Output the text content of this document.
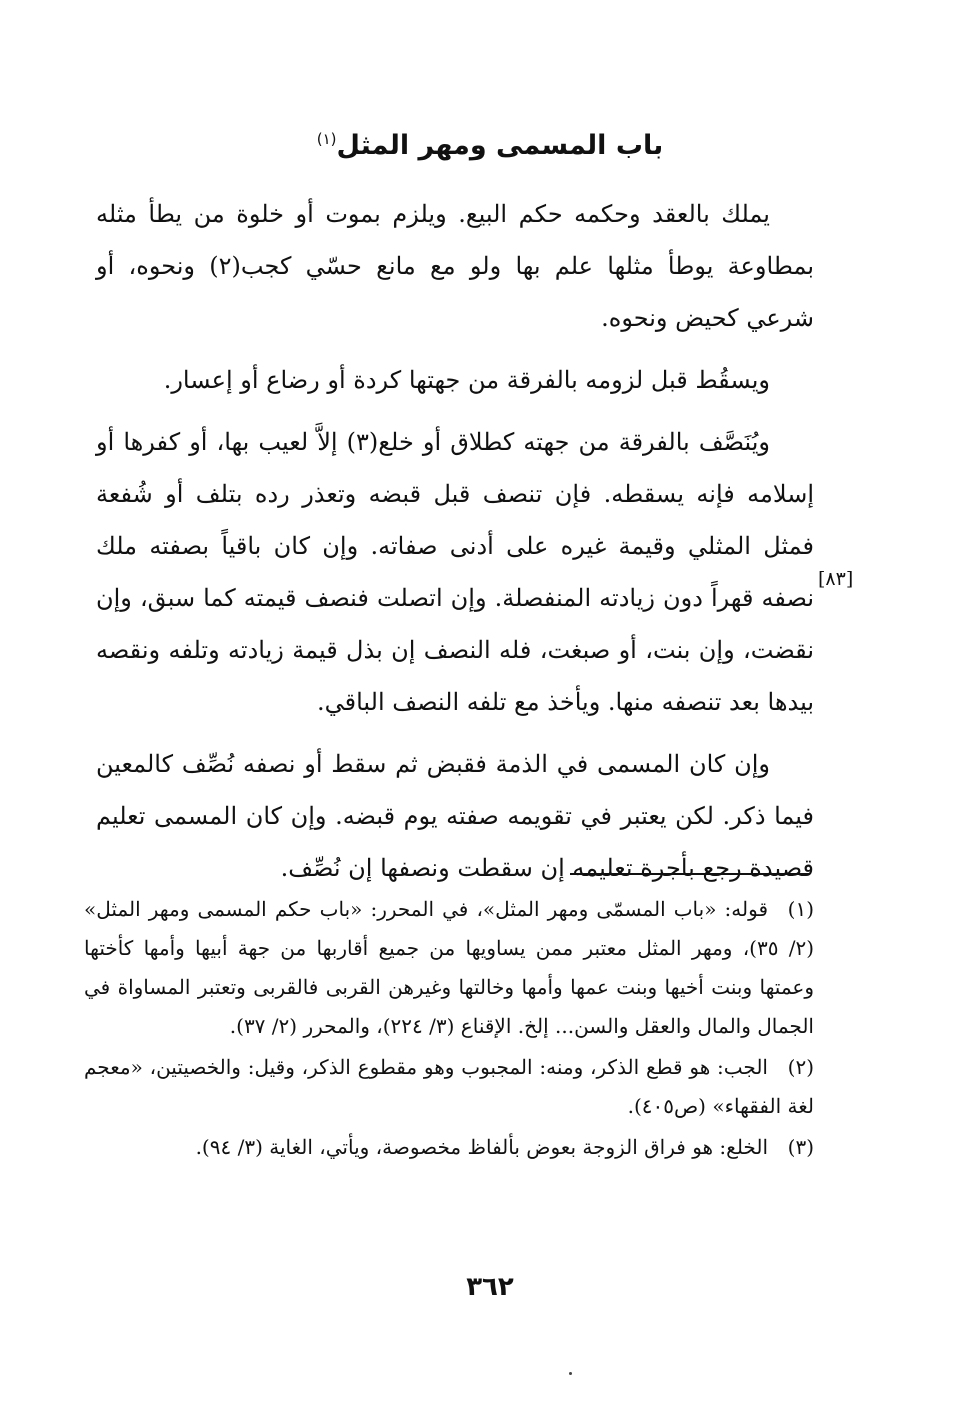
باب المسمى ومهر المثل$^{(١)}$

يملك بالعقد وحكمه حكم البيع. ويلزم بموت أو خلوة من يطأ مثله بمطاوعة يوطأ مثلها علم بها ولو مع مانع حسّي كجب(٢) ونحوه، أو شرعي كحيض ونحوه.

ويسقُط قبل لزومه بالفرقة من جهتها كردة أو رضاع أو إعسار.

ويُنَصَّف بالفرقة من جهته كطلاق أو خلع(٣) إلاَّ لعيب بها، أو كفرها أو إسلامه فإنه يسقطه. فإن تنصف قبل قبضه وتعذر رده بتلف أو شُفعة فمثل المثلي وقيمة غيره على أدنى صفاته. وإن كان باقياً بصفته ملك نصفه قهراً دون زيادته المنفصلة. وإن اتصلت فنصف قيمته كما سبق، وإن نقضت، وإن بنت، أو صبغت، فله النصف إن بذل قيمة زيادته وتلفه ونقصه بيدها بعد تنصفه منها. ويأخذ مع تلفه النصف الباقي.

وإن كان المسمى في الذمة فقبض ثم سقط أو نصفه نُصِّف كالمعين فيما ذكر. لكن يعتبر في تقويمه صفته يوم قبضه. وإن كان المسمى تعليم قصيدة رجع بأجرة تعليمه إن سقطت ونصفها إن نُصِّف.

[٨٣]

(١)قوله: «باب المسمّى ومهر المثل»، في المحرر: «باب حكم المسمى ومهر المثل» (٢/ ٣٥)، ومهر المثل معتبر ممن يساويها من جميع أقاربها من جهة أبيها وأمها كأختها وعمتها وبنت أخيها وبنت عمها وأمها وخالتها وغيرهن القربى فالقربى وتعتبر المساواة في الجمال والمال والعقل والسن... إلخ. الإقناع (٣/ ٢٢٤)، والمحرر (٢/ ٣٧).

(٢)الجب: هو قطع الذكر، ومنه: المجبوب وهو مقطوع الذكر، وقيل: والخصيتين، «معجم لغة الفقهاء» (ص٤٠٥).

(٣)الخلع: هو فراق الزوجة بعوض بألفاظ مخصوصة، ويأتي، الغاية (٣/ ٩٤).

٣٦٢
